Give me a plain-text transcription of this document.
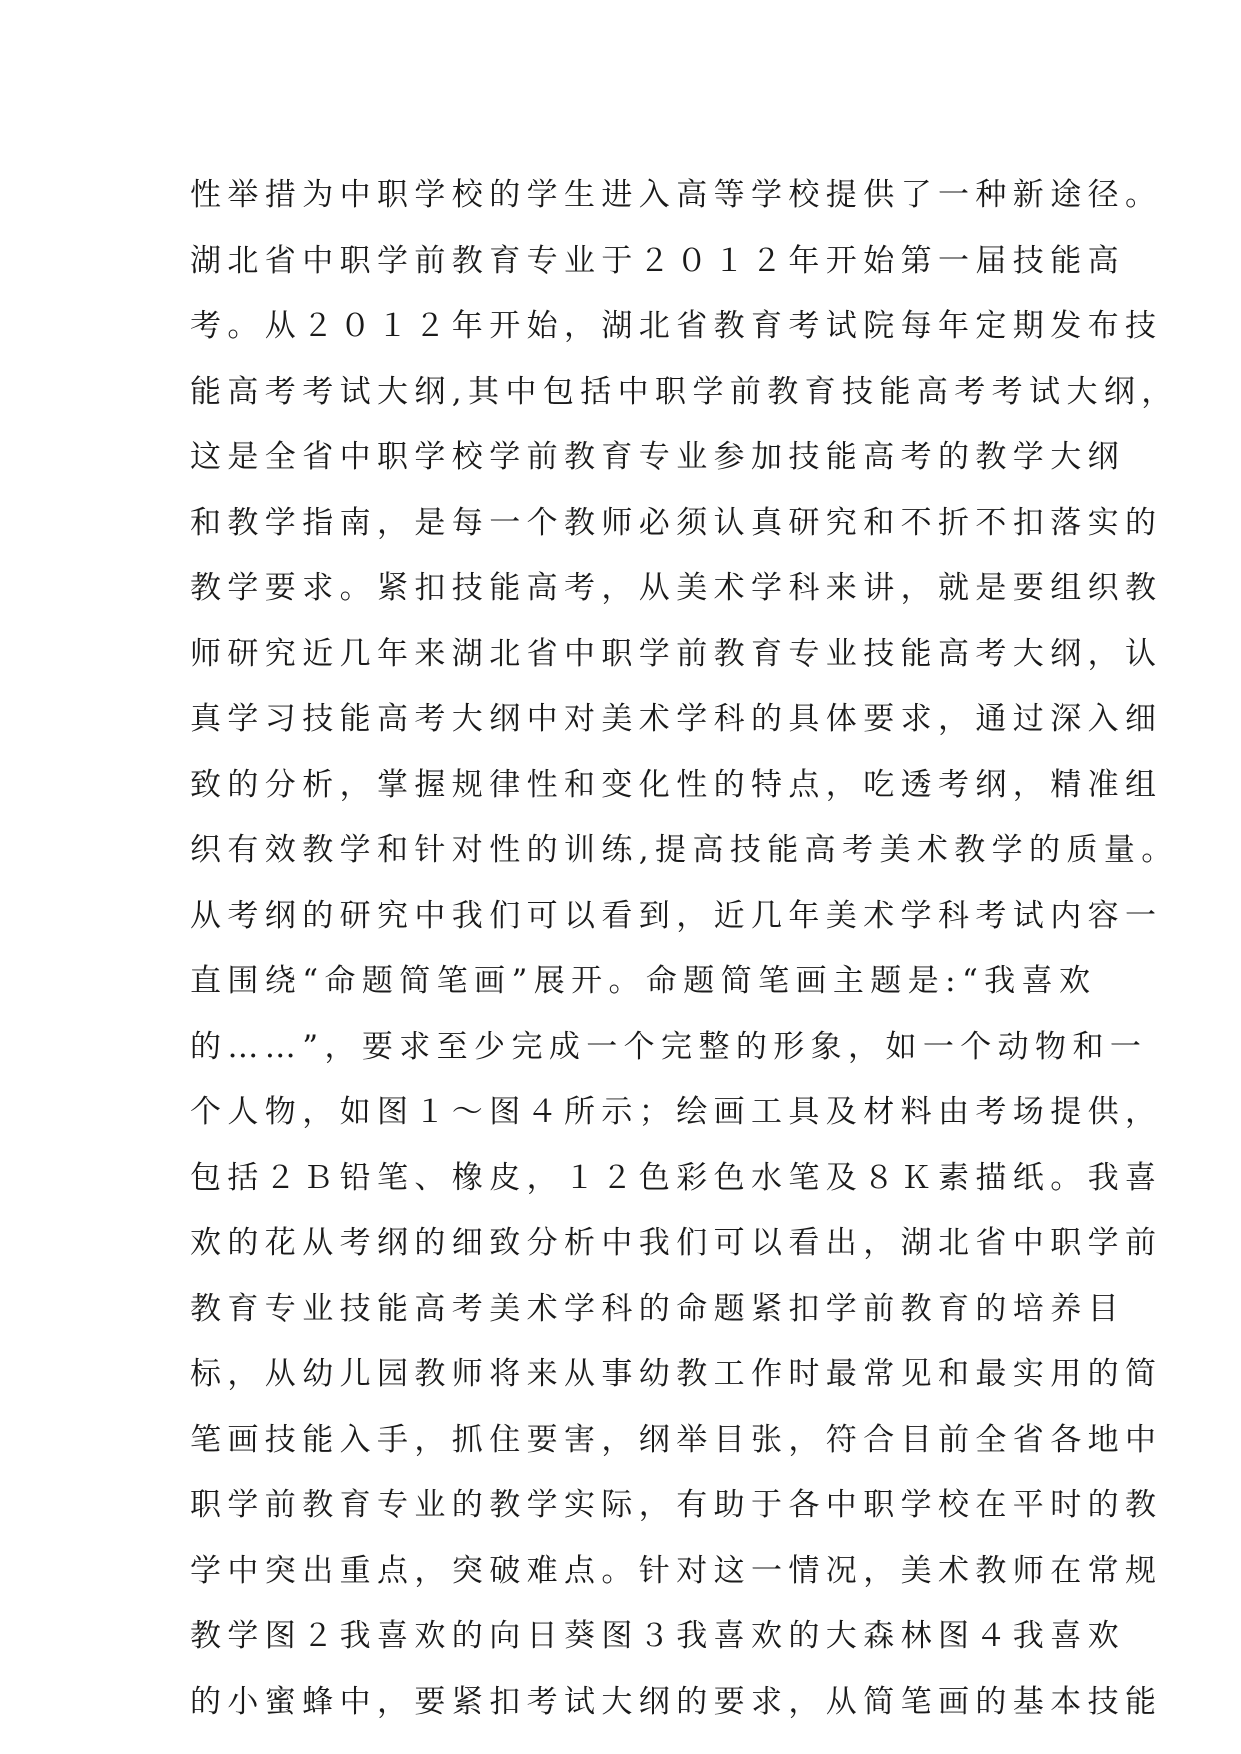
性举措为中职学校的学生进入高等学校提供了一种新途径。
湖北省中职学前教育专业于２０１２年开始第一届技能高
考。从２０１２年开始，湖北省教育考试院每年定期发布技
能高考考试大纲,其中包括中职学前教育技能高考考试大纲，
这是全省中职学校学前教育专业参加技能高考的教学大纲
和教学指南，是每一个教师必须认真研究和不折不扣落实的
教学要求。紧扣技能高考，从美术学科来讲，就是要组织教
师研究近几年来湖北省中职学前教育专业技能高考大纲，认
真学习技能高考大纲中对美术学科的具体要求，通过深入细
致的分析，掌握规律性和变化性的特点，吃透考纲，精准组
织有效教学和针对性的训练,提高技能高考美术教学的质量。
从考纲的研究中我们可以看到，近几年美术学科考试内容一
直围绕“命题简笔画”展开。命题简笔画主题是:“我喜欢
的……”，要求至少完成一个完整的形象，如一个动物和一
个人物，如图１～图４所示；绘画工具及材料由考场提供，
包括２Ｂ铅笔、橡皮，１２色彩色水笔及８Ｋ素描纸。我喜
欢的花从考纲的细致分析中我们可以看出，湖北省中职学前
教育专业技能高考美术学科的命题紧扣学前教育的培养目
标，从幼儿园教师将来从事幼教工作时最常见和最实用的简
笔画技能入手，抓住要害，纲举目张，符合目前全省各地中
职学前教育专业的教学实际，有助于各中职学校在平时的教
学中突出重点，突破难点。针对这一情况，美术教师在常规
教学图２我喜欢的向日葵图３我喜欢的大森林图４我喜欢
的小蜜蜂中，要紧扣考试大纲的要求，从简笔画的基本技能
